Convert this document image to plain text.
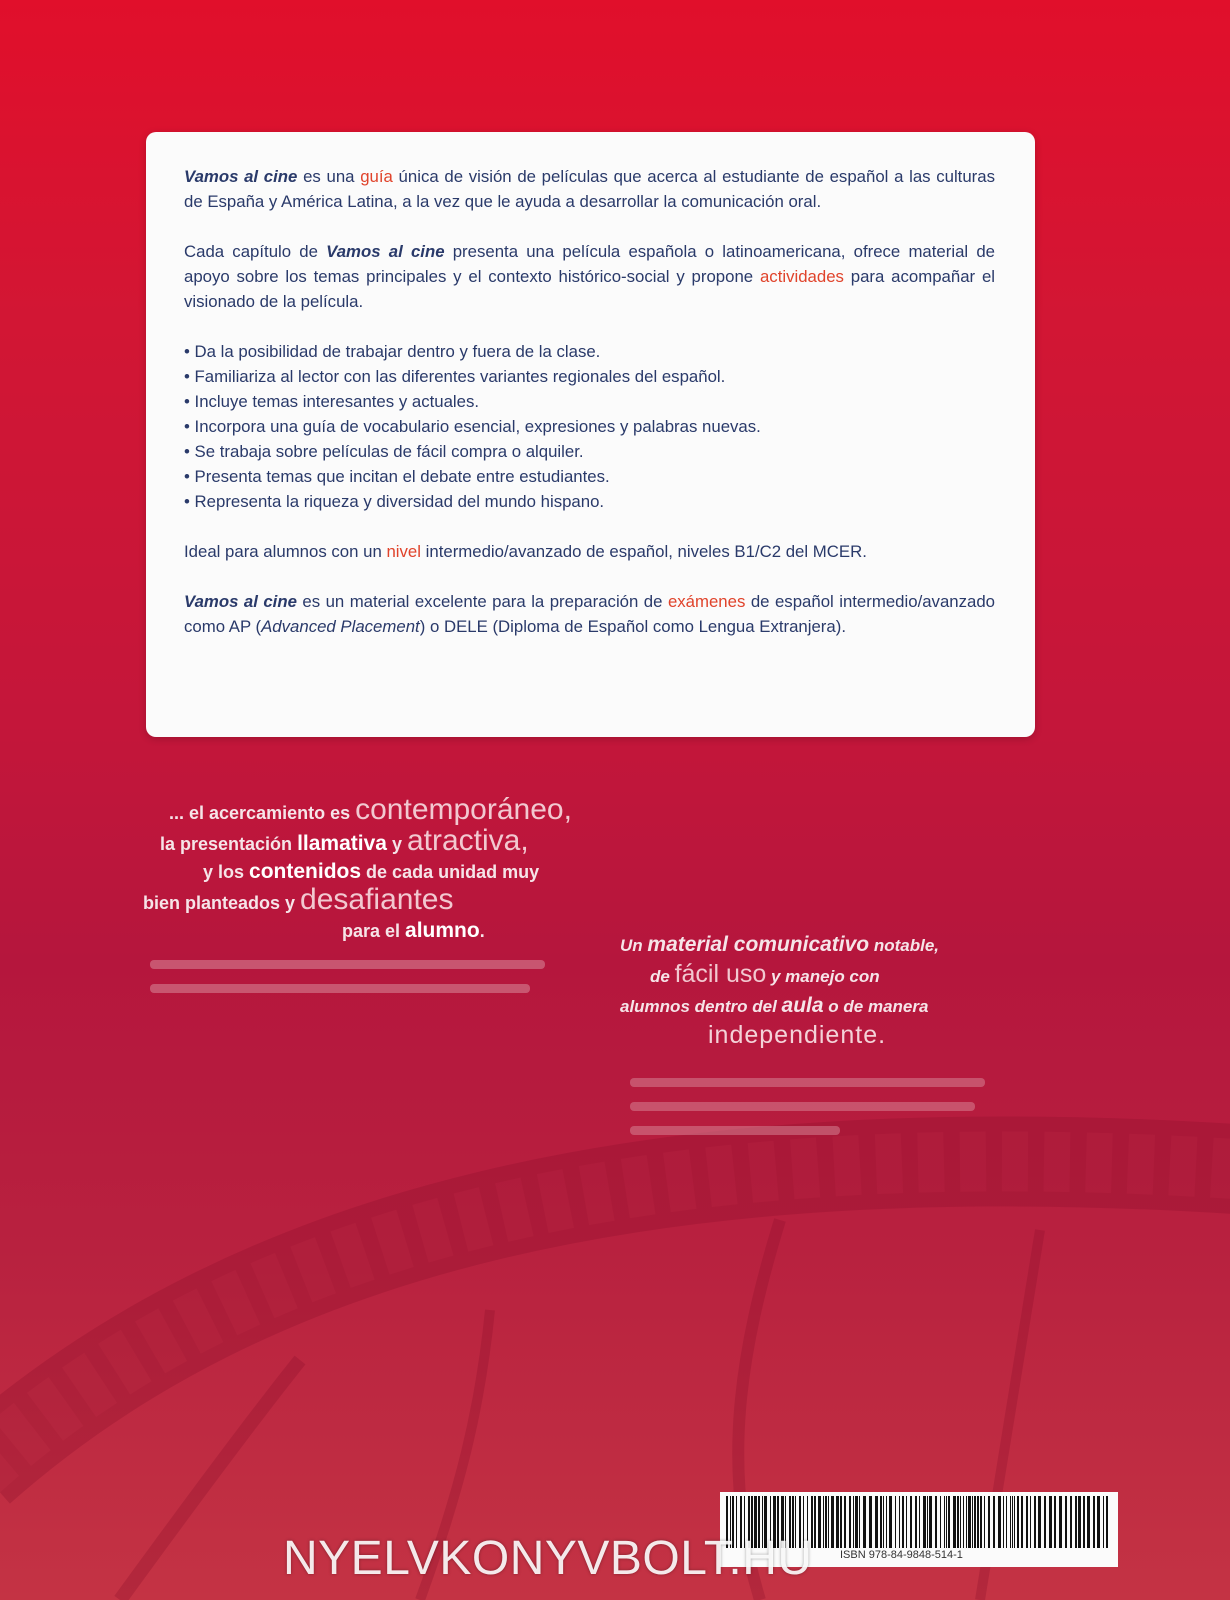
Vamos al cine es una guía única de visión de películas que acerca al estudiante de español a las culturas de España y América Latina, a la vez que le ayuda a desarrollar la comunicación oral.

Cada capítulo de Vamos al cine presenta una película española o latinoamericana, ofrece material de apoyo sobre los temas principales y el contexto histórico-social y propone actividades para acompañar el visionado de la película.

• Da la posibilidad de trabajar dentro y fuera de la clase.
• Familiariza al lector con las diferentes variantes regionales del español.
• Incluye temas interesantes y actuales.
• Incorpora una guía de vocabulario esencial, expresiones y palabras nuevas.
• Se trabaja sobre películas de fácil compra o alquiler.
• Presenta temas que incitan el debate entre estudiantes.
• Representa la riqueza y diversidad del mundo hispano.

Ideal para alumnos con un nivel intermedio/avanzado de español, niveles B1/C2 del MCER.

Vamos al cine es un material excelente para la preparación de exámenes de español intermedio/avanzado como AP (Advanced Placement) o DELE (Diploma de Español como Lengua Extranjera).

... el acercamiento es contemporáneo,
la presentación llamativa y atractiva,
y los contenidos de cada unidad muy
bien planteados y desafiantes
para el alumno.
Un material comunicativo notable,
de fácil uso y manejo con
alumnos dentro del aula o de manera
independiente.
ISBN 978-84-9848-514-1
NYELVKONYVBOLT.HU
